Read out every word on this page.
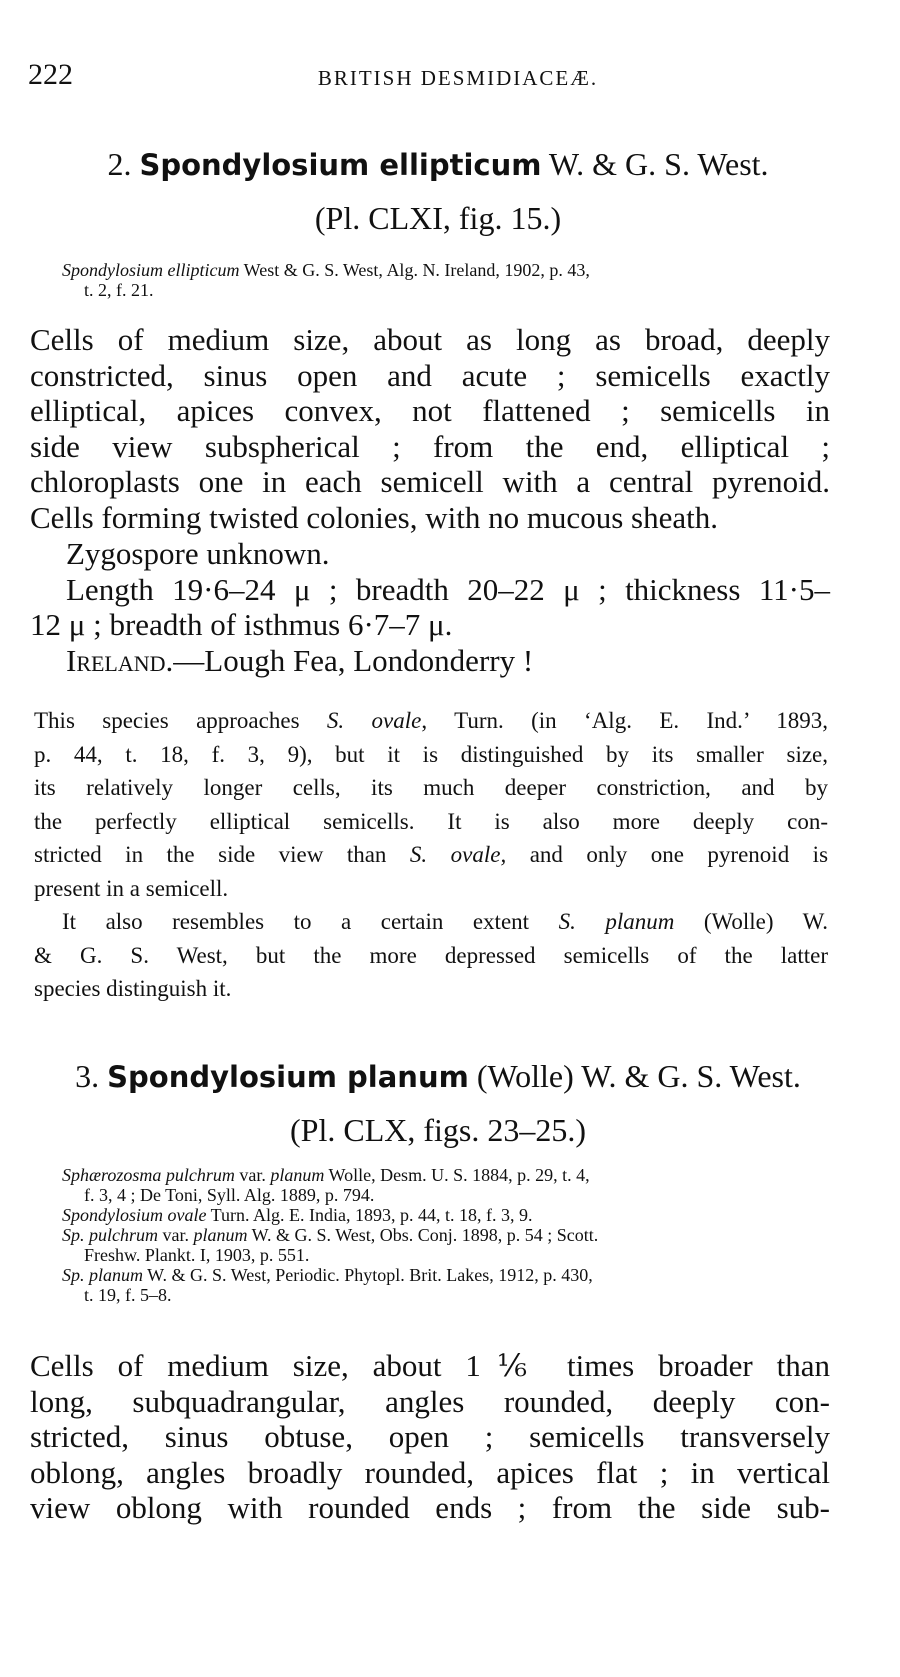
222	BRITISH DESMIDIACEÆ.
2. Spondylosium ellipticum W. & G. S. West.
(Pl. CLXI, fig. 15.)
Spondylosium ellipticum West & G. S. West, Alg. N. Ireland, 1902, p. 43,
t. 2, f. 21.
Cells of medium size, about as long as broad, deeply
constricted, sinus open and acute ; semicells exactly
elliptical, apices convex, not flattened ; semicells in
side view subspherical ; from the end, elliptical ;
chloroplasts one in each semicell with a central pyrenoid.
Cells forming twisted colonies, with no mucous sheath.
Zygospore unknown.
Length 19·6–24 μ ; breadth 20–22 μ ; thickness 11·5–
12 μ ; breadth of isthmus 6·7–7 μ.
Ireland.—Lough Fea, Londonderry !
This species approaches S. ovale, Turn. (in ‘Alg. E. Ind.’ 1893,
p. 44, t. 18, f. 3, 9), but it is distinguished by its smaller size,
its relatively longer cells, its much deeper constriction, and by
the perfectly elliptical semicells. It is also more deeply con-
stricted in the side view than S. ovale, and only one pyrenoid is
present in a semicell.
It also resembles to a certain extent S. planum (Wolle) W.
& G. S. West, but the more depressed semicells of the latter
species distinguish it.
3. Spondylosium planum (Wolle) W. & G. S. West.
(Pl. CLX, figs. 23–25.)
Sphærozosma pulchrum var. planum Wolle, Desm. U. S. 1884, p. 29, t. 4,
f. 3, 4 ; De Toni, Syll. Alg. 1889, p. 794.
Spondylosium ovale Turn. Alg. E. India, 1893, p. 44, t. 18, f. 3, 9.
Sp. pulchrum var. planum W. & G. S. West, Obs. Conj. 1898, p. 54 ; Scott.
Freshw. Plankt. I, 1903, p. 551.
Sp. planum W. & G. S. West, Periodic. Phytopl. Brit. Lakes, 1912, p. 430,
t. 19, f. 5–8.
Cells of medium size, about 1⅙ times broader than
long, subquadrangular, angles rounded, deeply con-
stricted, sinus obtuse, open ; semicells transversely
oblong, angles broadly rounded, apices flat ; in vertical
view oblong with rounded ends ; from the side sub-
